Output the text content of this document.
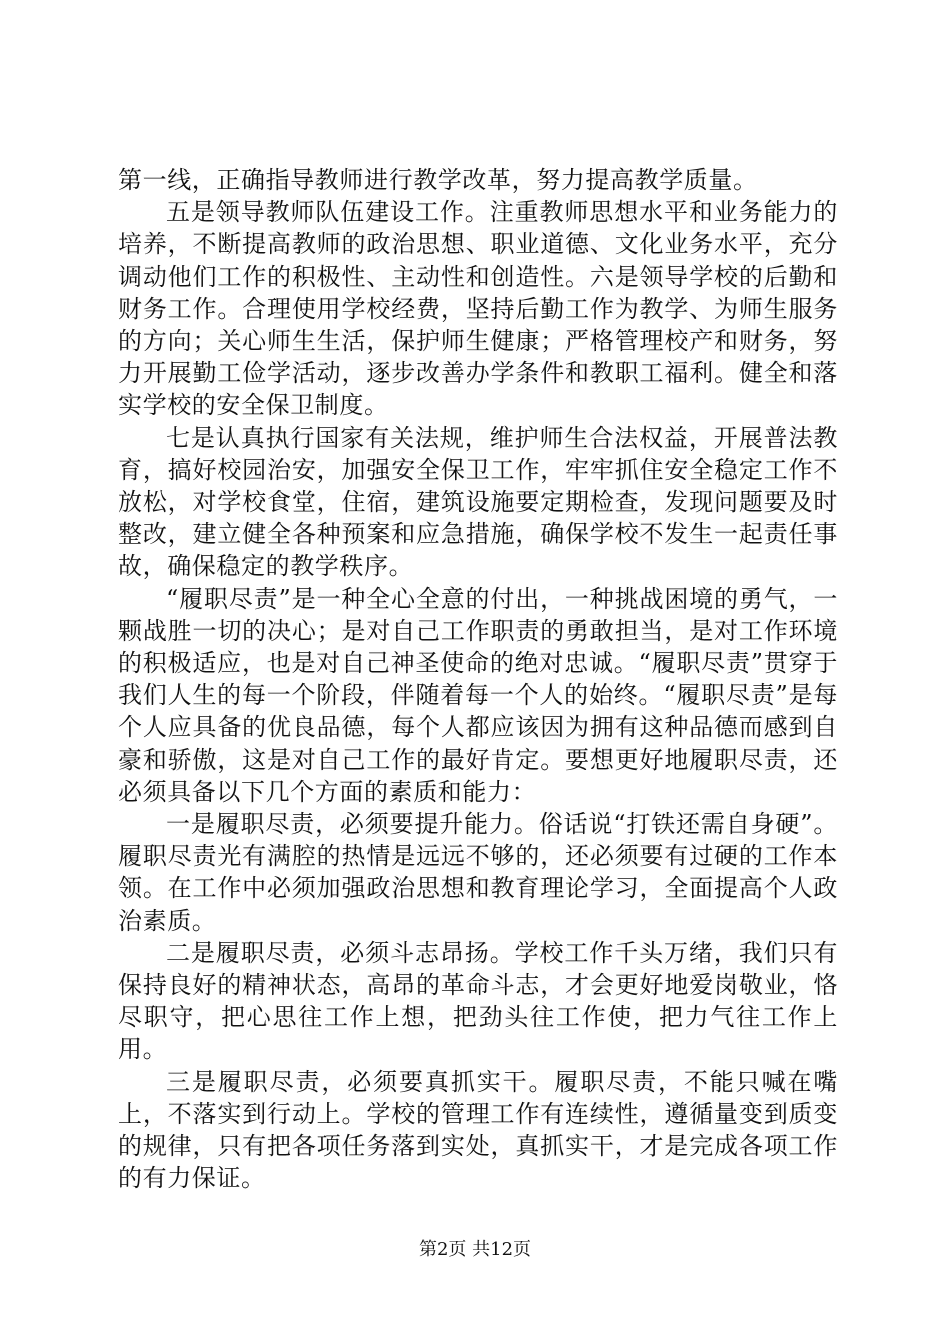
第一线，正确指导教师进行教学改革，努力提高教学质量。

五是领导教师队伍建设工作。注重教师思想水平和业务能力的培养，不断提高教师的政治思想、职业道德、文化业务水平，充分调动他们工作的积极性、主动性和创造性。六是领导学校的后勤和财务工作。合理使用学校经费，坚持后勤工作为教学、为师生服务的方向；关心师生生活，保护师生健康；严格管理校产和财务，努力开展勤工俭学活动，逐步改善办学条件和教职工福利。健全和落实学校的安全保卫制度。

七是认真执行国家有关法规，维护师生合法权益，开展普法教育，搞好校园治安，加强安全保卫工作，牢牢抓住安全稳定工作不放松，对学校食堂，住宿，建筑设施要定期检查，发现问题要及时整改，建立健全各种预案和应急措施，确保学校不发生一起责任事故，确保稳定的教学秩序。

“履职尽责”是一种全心全意的付出，一种挑战困境的勇气，一颗战胜一切的决心；是对自己工作职责的勇敢担当，是对工作环境的积极适应，也是对自己神圣使命的绝对忠诚。“履职尽责”贯穿于我们人生的每一个阶段，伴随着每一个人的始终。“履职尽责”是每个人应具备的优良品德，每个人都应该因为拥有这种品德而感到自豪和骄傲，这是对自己工作的最好肯定。要想更好地履职尽责，还必须具备以下几个方面的素质和能力：

一是履职尽责，必须要提升能力。俗话说“打铁还需自身硬”。履职尽责光有满腔的热情是远远不够的，还必须要有过硬的工作本领。在工作中必须加强政治思想和教育理论学习，全面提高个人政治素质。

二是履职尽责，必须斗志昂扬。学校工作千头万绪，我们只有保持良好的精神状态，高昂的革命斗志，才会更好地爱岗敬业，恪尽职守，把心思往工作上想，把劲头往工作使，把力气往工作上用。

三是履职尽责，必须要真抓实干。履职尽责，不能只喊在嘴上，不落实到行动上。学校的管理工作有连续性，遵循量变到质变的规律，只有把各项任务落到实处，真抓实干，才是完成各项工作的有力保证。

第2页 共12页
